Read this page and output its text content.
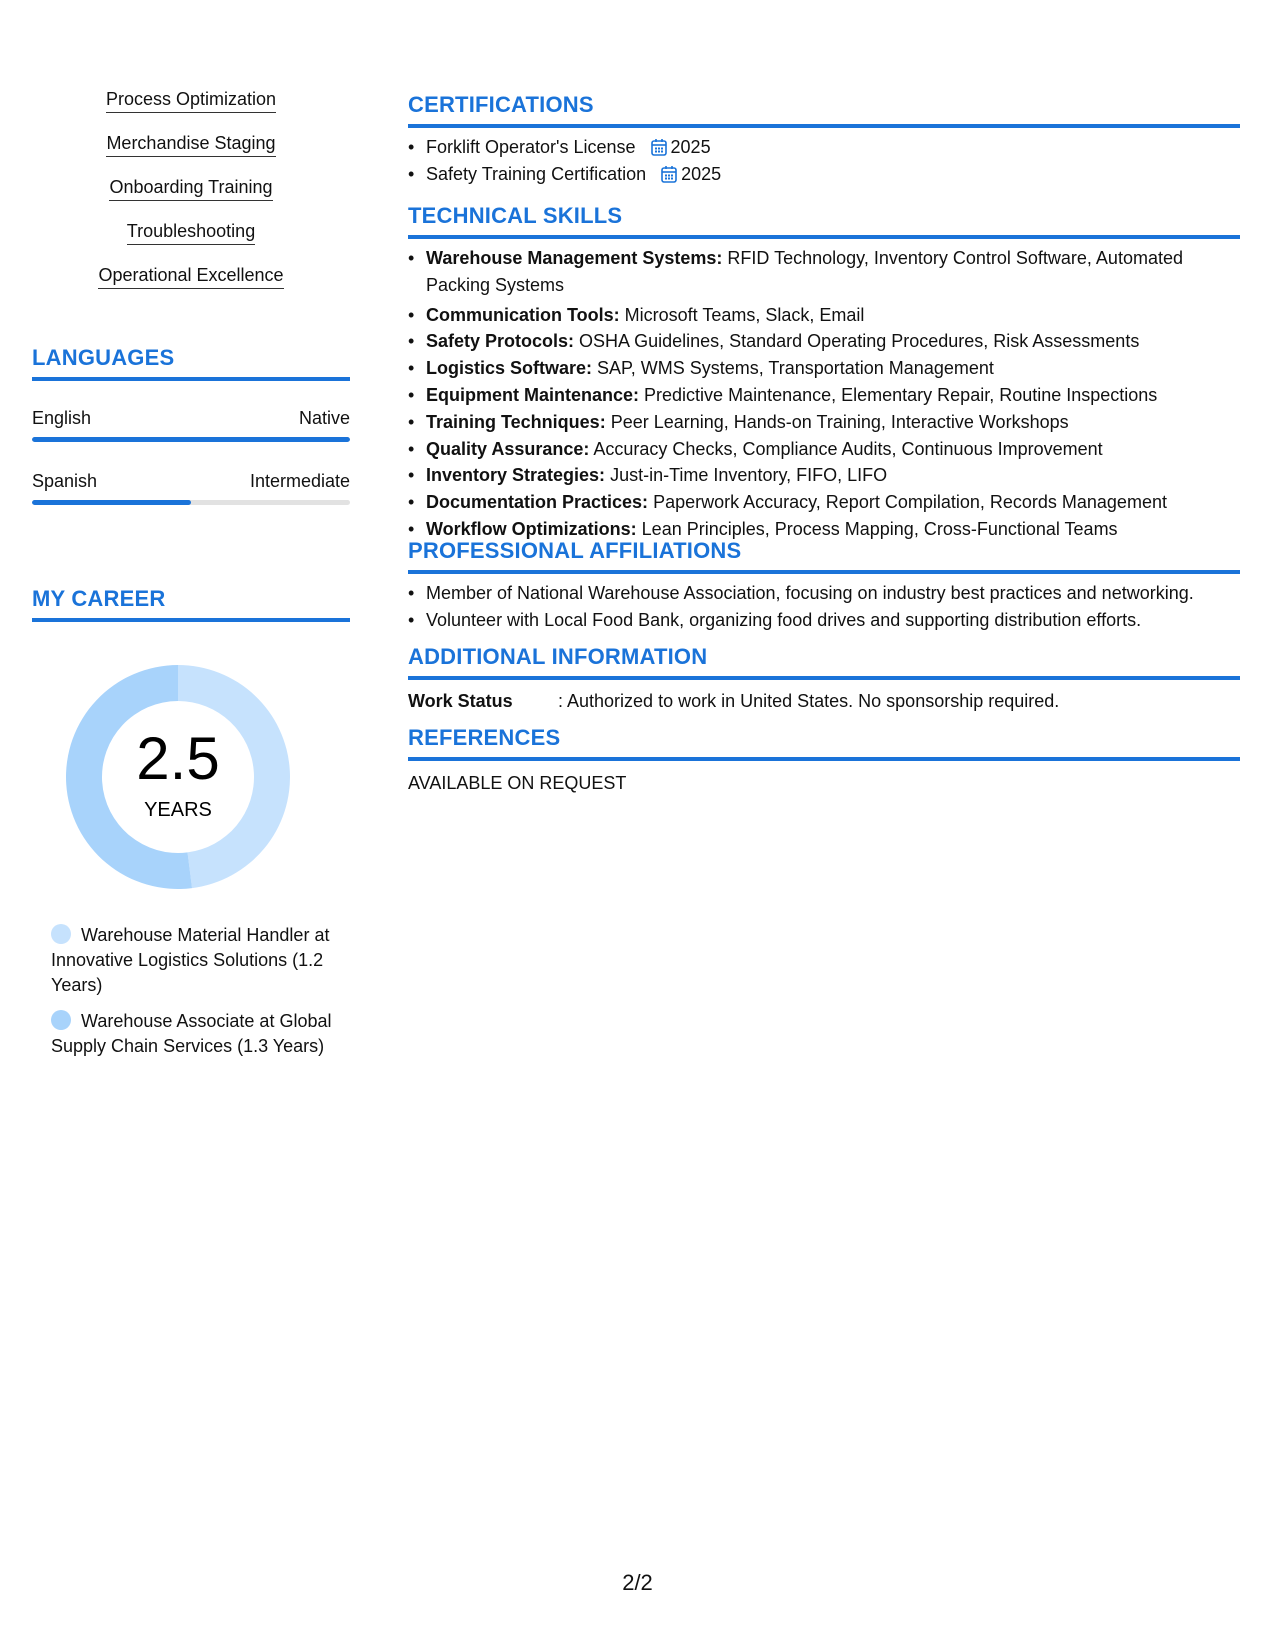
Process Optimization
Merchandise Staging
Onboarding Training
Troubleshooting
Operational Excellence
LANGUAGES
English	Native
Spanish	Intermediate
MY CAREER
2.5
YEARS
Warehouse Material Handler at Innovative Logistics Solutions (1.2 Years)
Warehouse Associate at Global Supply Chain Services (1.3 Years)
CERTIFICATIONS
• Forklift Operator's License 2025
• Safety Training Certification 2025
TECHNICAL SKILLS
• Warehouse Management Systems: RFID Technology, Inventory Control Software, Automated Packing Systems
• Communication Tools: Microsoft Teams, Slack, Email
• Safety Protocols: OSHA Guidelines, Standard Operating Procedures, Risk Assessments
• Logistics Software: SAP, WMS Systems, Transportation Management
• Equipment Maintenance: Predictive Maintenance, Elementary Repair, Routine Inspections
• Training Techniques: Peer Learning, Hands-on Training, Interactive Workshops
• Quality Assurance: Accuracy Checks, Compliance Audits, Continuous Improvement
• Inventory Strategies: Just-in-Time Inventory, FIFO, LIFO
• Documentation Practices: Paperwork Accuracy, Report Compilation, Records Management
• Workflow Optimizations: Lean Principles, Process Mapping, Cross-Functional Teams
PROFESSIONAL AFFILIATIONS
• Member of National Warehouse Association, focusing on industry best practices and networking.
• Volunteer with Local Food Bank, organizing food drives and supporting distribution efforts.
ADDITIONAL INFORMATION
Work Status	: Authorized to work in United States. No sponsorship required.
REFERENCES
AVAILABLE ON REQUEST
2/2
